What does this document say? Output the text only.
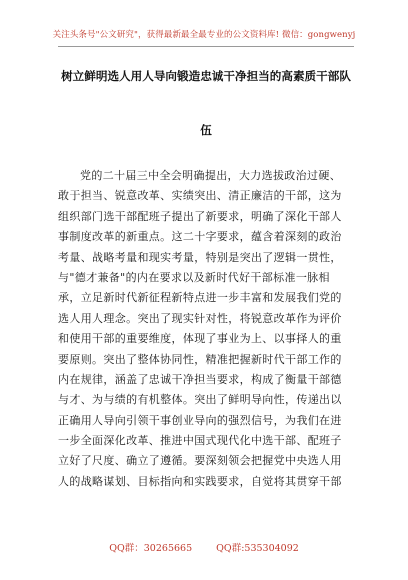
关注头条号"公文研究"，获得最新最全最专业的公文资料库! 微信：gongwenyj
树立鲜明选人用人导向锻造忠诚干净担当的高素质干部队
伍
党的二十届三中全会明确提出，大力选拔政治过硬、
敢于担当、锐意改革、实绩突出、清正廉洁的干部，这为
组织部门选干部配班子提出了新要求，明确了深化干部人
事制度改革的新重点。这二十字要求，蕴含着深刻的政治
考量、战略考量和现实考量，特别是突出了逻辑一贯性，
与"德才兼备"的内在要求以及新时代好干部标准一脉相
承，立足新时代新征程新特点进一步丰富和发展我们党的
选人用人理念。突出了现实针对性，将锐意改革作为评价
和使用干部的重要维度，体现了事业为上、以事择人的重
要原则。突出了整体协同性，精准把握新时代干部工作的
内在规律，涵盖了忠诚干净担当要求，构成了衡量干部德
与才、为与绩的有机整体。突出了鲜明导向性，传递出以
正确用人导向引领干事创业导向的强烈信号，为我们在进
一步全面深化改革、推进中国式现代化中选干部、配班子
立好了尺度、确立了遵循。要深刻领会把握党中央选人用
人的战略谋划、目标指向和实践要求，自觉将其贯穿干部
QQ群：30265665	QQ群:535304092
